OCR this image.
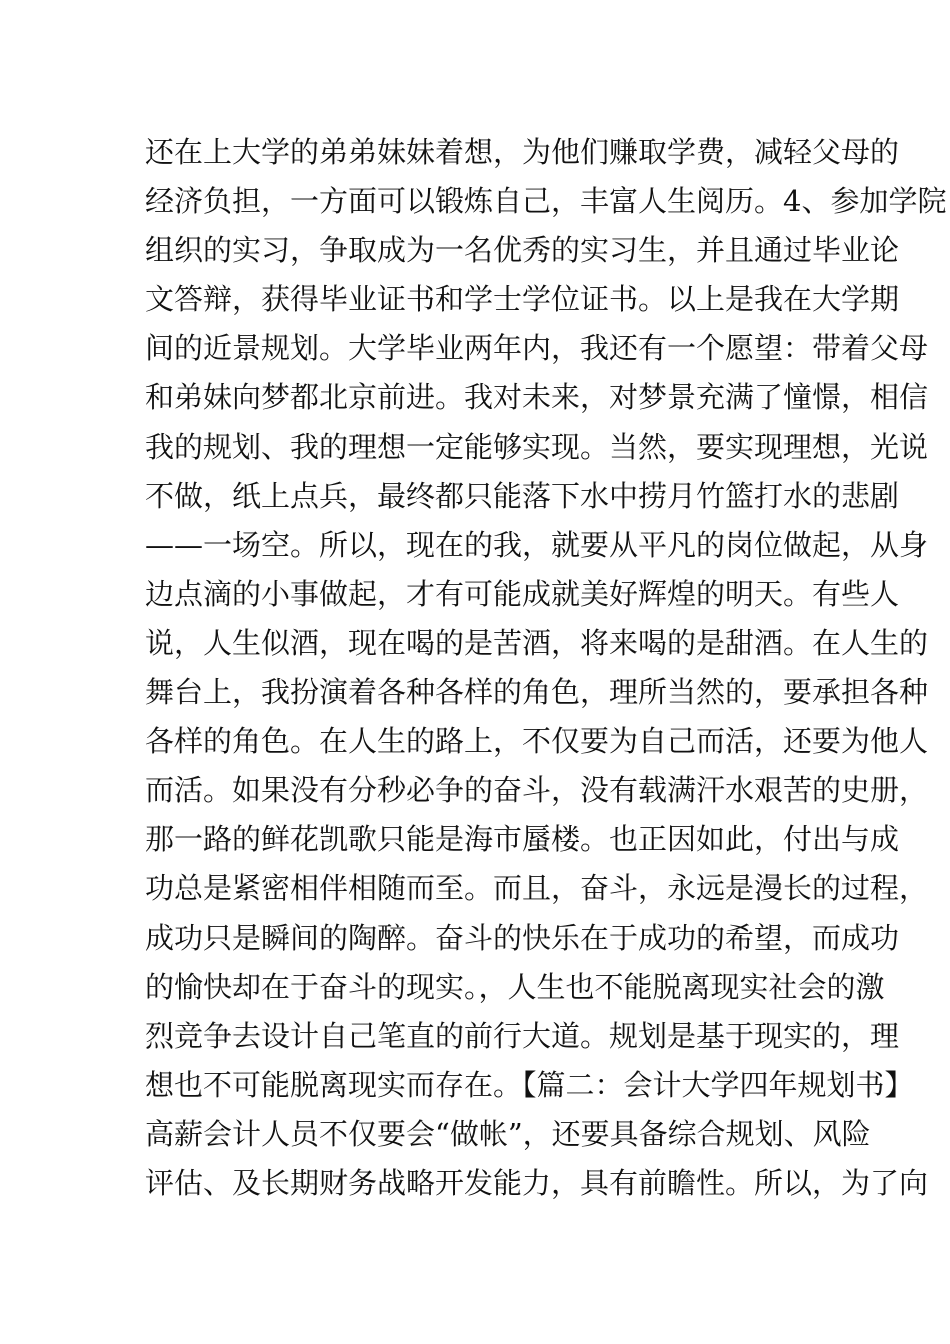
还在上大学的弟弟妹妹着想，为他们赚取学费，减轻父母的
经济负担，一方面可以锻炼自己，丰富人生阅历。4、参加学院
组织的实习，争取成为一名优秀的实习生，并且通过毕业论
文答辩，获得毕业证书和学士学位证书。以上是我在大学期
间的近景规划。大学毕业两年内，我还有一个愿望：带着父母
和弟妹向梦都北京前进。我对未来，对梦景充满了憧憬，相信
我的规划、我的理想一定能够实现。当然，要实现理想，光说
不做，纸上点兵，最终都只能落下水中捞月竹篮打水的悲剧
——一场空。所以，现在的我，就要从平凡的岗位做起，从身
边点滴的小事做起，才有可能成就美好辉煌的明天。有些人
说，人生似酒，现在喝的是苦酒，将来喝的是甜酒。在人生的
舞台上，我扮演着各种各样的角色，理所当然的，要承担各种
各样的角色。在人生的路上，不仅要为自己而活，还要为他人
而活。如果没有分秒必争的奋斗，没有载满汗水艰苦的史册，
那一路的鲜花凯歌只能是海市蜃楼。也正因如此，付出与成
功总是紧密相伴相随而至。而且，奋斗，永远是漫长的过程，
成功只是瞬间的陶醉。奋斗的快乐在于成功的希望，而成功
的愉快却在于奋斗的现实。，人生也不能脱离现实社会的激
烈竞争去设计自己笔直的前行大道。规划是基于现实的，理
想也不可能脱离现实而存在。【篇二：会计大学四年规划书】
高薪会计人员不仅要会“做帐”，还要具备综合规划、风险
评估、及长期财务战略开发能力，具有前瞻性。所以，为了向
